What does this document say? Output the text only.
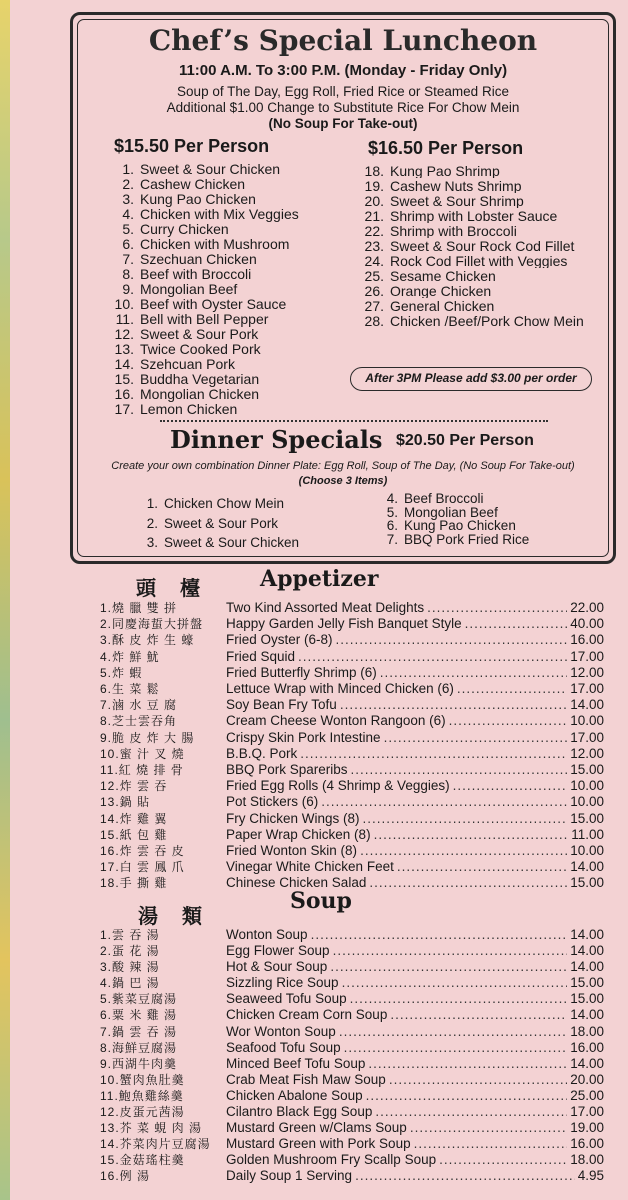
Chef’s Special Luncheon
11:00 A.M. To 3:00 P.M. (Monday - Friday Only)
Soup of The Day, Egg Roll, Fried Rice or Steamed Rice
Additional $1.00 Change to Substitute Rice For Chow Mein
(No Soup For Take-out)
$15.50 Per Person	$16.50 Per Person
1. Sweet & Sour Chicken
2. Cashew Chicken
3. Kung Pao Chicken
4. Chicken with Mix Veggies
5. Curry Chicken
6. Chicken with Mushroom
7. Szechuan Chicken
8. Beef with Broccoli
9. Mongolian Beef
10. Beef with Oyster Sauce
11. Bell with Bell Pepper
12. Sweet & Sour Pork
13. Twice Cooked Pork
14. Szehcuan Pork
15. Buddha Vegetarian
16. Mongolian Chicken
17. Lemon Chicken
18. Kung Pao Shrimp
19. Cashew Nuts Shrimp
20. Sweet & Sour Shrimp
21. Shrimp with Lobster Sauce
22. Shrimp with Broccoli
23. Sweet & Sour Rock Cod Fillet
24. Rock Cod Fillet with Veggies
25. Sesame Chicken
26. Orange Chicken
27. General Chicken
28. Chicken /Beef/Pork Chow Mein
After 3PM Please add $3.00 per order
Dinner Specials $20.50 Per Person
Create your own combination Dinner Plate: Egg Roll, Soup of The Day, (No Soup For Take-out)
(Choose 3 Items)
1. Chicken Chow Mein
2. Sweet & Sour Pork
3. Sweet & Sour Chicken
4. Beef Broccoli
5. Mongolian Beef
6. Kung Pao Chicken
7. BBQ Pork Fried Rice
頭檯 Appetizer
1.燒 臘 雙 拼	Two Kind Assorted Meat Delights .....	22.00
2.同慶海蜇大拼盤	Happy Garden Jelly Fish Banquet Style .....	40.00
3.酥 皮 炸 生 蠔	Fried Oyster (6-8) .....	16.00
4.炸 鮮 魷	Fried Squid .....	17.00
5.炸 蝦	Fried Butterfly Shrimp (6) .....	12.00
6.生 菜 鬆	Lettuce Wrap with Minced Chicken (6) .....	17.00
7.滷 水 豆 腐	Soy Bean Fry Tofu .....	14.00
8.芝士雲吞角	Cream Cheese Wonton Rangoon (6) .....	10.00
9.脆 皮 炸 大 腸	Crispy Skin Pork Intestine .....	17.00
10.蜜 汁 叉 燒	B.B.Q. Pork .....	12.00
11.紅 燒 排 骨	BBQ Pork Spareribs .....	15.00
12.炸 雲 吞	Fried Egg Rolls (4 Shrimp & Veggies) .....	10.00
13.鍋 貼	Pot Stickers (6) .....	10.00
14.炸 雞 翼	Fry Chicken Wings (8) .....	15.00
15.紙 包 雞	Paper Wrap Chicken (8) .....	11.00
16.炸 雲 吞 皮	Fried Wonton Skin (8) .....	10.00
17.白 雲 鳳 爪	Vinegar White Chicken Feet .....	14.00
18.手 撕 雞	Chinese Chicken Salad .....	15.00
湯類
Soup
1.雲 吞 湯	Wonton Soup .....	14.00
2.蛋 花 湯	Egg Flower Soup .....	14.00
3.酸 辣 湯	Hot & Sour Soup .....	14.00
4.鍋 巴 湯	Sizzling Rice Soup .....	15.00
5.紫菜豆腐湯	Seaweed Tofu Soup .....	15.00
6.粟 米 雞 湯	Chicken Cream Corn Soup .....	14.00
7.鍋 雲 吞 湯	Wor Wonton Soup .....	18.00
8.海鮮豆腐湯	Seafood Tofu Soup .....	16.00
9.西湖牛肉羹	Minced Beef Tofu Soup .....	14.00
10.蟹肉魚肚羹	Crab Meat Fish Maw Soup .....	20.00
11.鮑魚雞絲羹	Chicken Abalone Soup .....	25.00
12.皮蛋元茜湯	Cilantro Black Egg Soup .....	17.00
13.芥 菜 蜆 肉 湯	Mustard Green w/Clams Soup .....	19.00
14.芥菜肉片豆腐湯	Mustard Green with Pork Soup .....	16.00
15.金菇瑤柱羹	Golden Mushroom Fry Scallp Soup .....	18.00
16.例 湯	Daily Soup 1 Serving .....	4.95
